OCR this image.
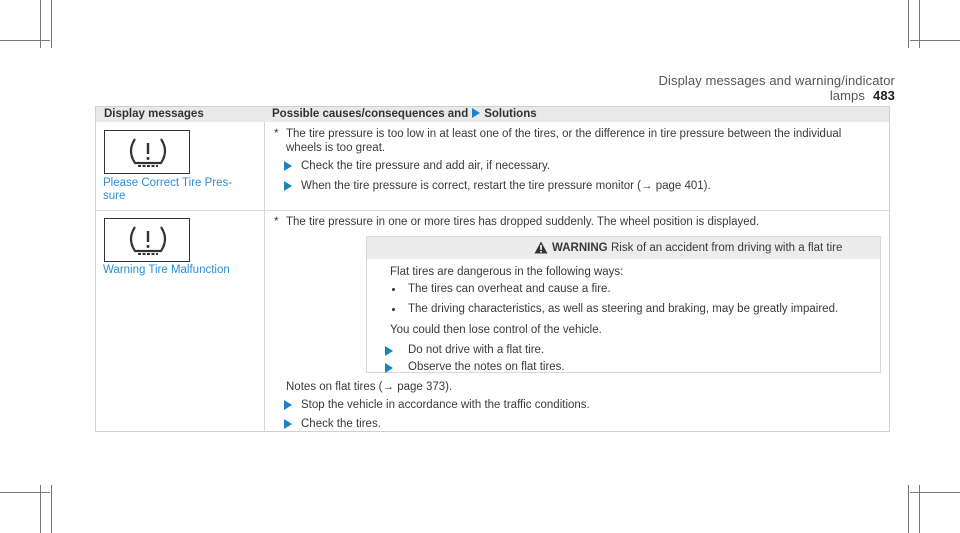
Display messages and warning/indicator lamps 483
Display messages	Possible causes/consequences and Solutions
Please Correct Tire Pres-
sure
* The tire pressure is too low in at least one of the tires, or the difference in tire pressure between the individual
wheels is too great.
Check the tire pressure and add air, if necessary.
When the tire pressure is correct, restart the tire pressure monitor (→ page 401).
Warning Tire Malfunction
* The tire pressure in one or more tires has dropped suddenly. The wheel position is displayed.
WARNING Risk of an accident from driving with a flat tire
Flat tires are dangerous in the following ways:
The tires can overheat and cause a fire.
The driving characteristics, as well as steering and braking, may be greatly impaired.
You could then lose control of the vehicle.
Do not drive with a flat tire.
Observe the notes on flat tires.
Notes on flat tires (→ page 373).
Stop the vehicle in accordance with the traffic conditions.
Check the tires.
